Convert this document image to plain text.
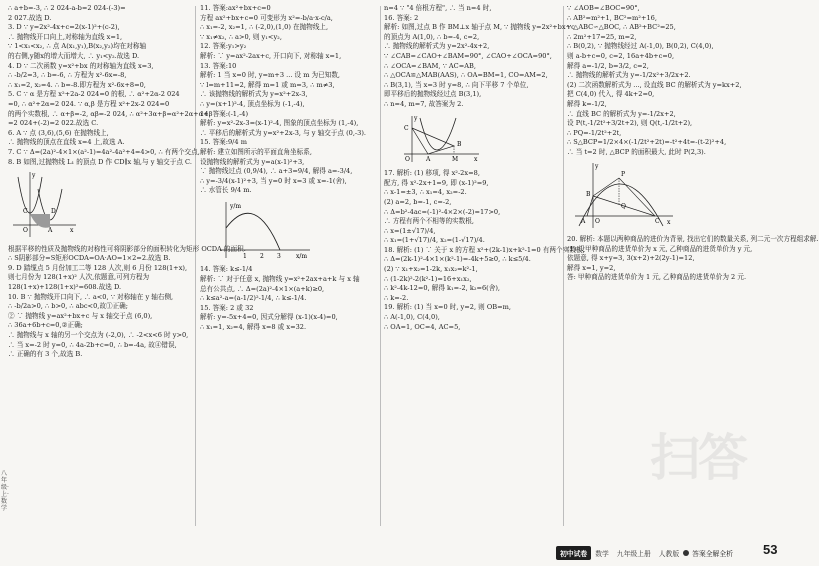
八年级·上·数学
∴ a+b=-3, ∴ 2 024-a-b=2 024-(-3)=
2 027.故选 D.
3. D ∵ y=2x²-4x+c=2(x-1)²+(c-2),
∴ 抛物线开口向上,对称轴为直线 x=1,
∵ 1<x₁<x₂, ∴ 点 A(x₁,y₁),B(x₂,y₂)均在对称轴
的右侧,y随x的增大而增大, ∴ y₁<y₂.故选 D.
4. D ∵ 二次函数 y=x²+bx 的对称轴为直线 x=3,
∴ -b/2=3, ∴ b=-6, ∴ 方程为 x²-6x=-8,
∴ x₁=2, x₂=4. ∴ b=-8.即方程为 x²-6x+8=0,
5. C ∵ α 是方程 x²+2a-2 024=0 的根, ∴ α²+2α-2 024
=0, ∴ α²+2α=2 024. ∵ α,β 是方程 x²+2x-2 024=0
的两个实数根, ∴ α+β=-2, αβ=-2 024, ∴ α²+3α+β=α²+2α+α+β
=2 024+(-2)=2 022.故选 C.
6. A ∵ 点 (3,6),(5,6) 在抛物线上,
∴ 抛物线的顶点在直线 x=4 上,故选 A.
7. C ∵ Δ=(2a)²-4×1×(a²-1)=4a²-4a²+4=4>0, ∴ 有两个交点,
8. B 如图,过抛物线 L₁ 的顶点 D 作 CD∥x 轴,与 y 轴交于点 C.
y
x
O	A
D
C
根据平移的性质及抛物线的对称性可将阴影部分的面积转化为矩形 OCDA 的面积.
∴ S阴影部分=S矩形OCDA=OA·AO=1×2=2.故选 B.
9. D 踏缆点 5 月份加工二等 128 人次,则 6 月份 128(1+x),
则七月份为 128(1+x)² 人次,依题意,可列方程为
128(1+x)+128(1+x)²=608.故选 D.
10. B ∵ 抛物线开口向下, ∴ a<0, ∵ 对称轴在 y 轴右侧,
∴ -b/2a>0, ∴ b>0, ∴ abc<0,故①正确;
② ∵ 抛物线 y=ax²+bx+c 与 x 轴交于点 (6,0),
∴ 36a+6b+c=0,②正确;
∴ 抛物线与 x 轴的另一个交点为 (-2,0), ∴ -2<x<6 时 y>0,
∴ 当 x=-2 时 y=0, ∴ 4a-2b+c=0, ∴ b=-4a, 故④错误,
∴ 正确的有 3 个,故选 B.
11. 答案:ax²+bx+c=0
方程 ax²+bx+c=0 可变形为 x²=-b/a·x-c/a,
∴ x₁=-2, x₂=1, ∴ (-2,0),(1,0) 在抛物线上,
∵ x₁≠x₂, ∴ a>0, 则 y₁<y₂,
12. 答案:y₁>y₂
解析: ∵ y=ax²-2ax+c, 开口向下, 对称轴 x=1,
13. 答案:10
解析: 1 当 x=0 时, y=m+3 ... 设 m 为已知数,
∵ l=m+11=2, 解得 m=1 或 m=3, ∴ m≠3,
∴ 该抛物线的解析式为 y=x²+2x-3,
∴ y=(x+1)²-4, 顶点坐标为 (-1,-4),
14. 答案:(-1,-4)
解析: y=x²-2x-3=(x-1)²-4, 图象的顶点坐标为 (1,-4),
∴ 平移后的解析式为 y=x²+2x-3, 与 y 轴交于点 (0,-3).
15. 答案:9/4 m
解析: 建立如图所示的平面直角坐标系,
设抛物线的解析式为 y=a(x-1)²+3,
∵ 抛物线过点 (0,9/4), ∴ a+3=9/4, 解得 a=-3/4,
∴ y=-3/4(x-1)²+3, 当 y=0 时 x=3 或 x=-1(舍),
∴ 水管长 9/4 m.
y/m
x/m
1 2 3
14. 答案: k≤-1/4
解析: ∵ 对于任意 x, 抛物线 y=x²+2ax+a+k 与 x 轴
总有公共点, ∴ Δ=(2a)²-4×1×(a+k)≥0,
∴ k≤a²-a=(a-1/2)²-1/4, ∴ k≤-1/4.
15. 答案: 2 或 32
解析: y=-5x+4=0, 因式分解得 (x-1)(x-4)=0,
∴ x₁=1, x₂=4, 解得 x=8 或 x=32.
n=4 ∵ "4 倍根方程", ∴ 当 n=4 时,
16. 答案: 2
解析: 如图,过点 B 作 BM⊥x 轴于点 M, ∵ 抛物线 y=2x²+bx+c
的顶点为 A(1,0), ∴ b=-4, c=2,
∴ 抛物线的解析式为 y=2x²-4x+2,
∵ ∠CAB=∠CAO+∠BAM=90°, ∠CAO+∠OCA=90°,
∴ ∠OCA=∠BAM, ∵ AC=AB,
∴ △OCA≌△MAB(AAS), ∴ OA=BM=1, CO=AM=2,
∴ B(3,1), 当 x=3 时 y=8, ∴ 向下平移 7 个单位,
即平移后的抛物线经过点 B(3,1),
∴ n=4, m=7, 故答案为 2.
C
B
O	A	M	x
y
17. 解析: (1) 移项, 得 x²-2x=8,
配方, 得 x²-2x+1=9, 即 (x-1)²=9,
∴ x-1=±3, ∴ x₁=4, x₂=-2.
(2) a=2, b=-1, c=-2,
∴ Δ=b²-4ac=(-1)²-4×2×(-2)=17>0,
∴ 方程有两个不相等的实数根,
∴ x=(1±√17)/4,
∴ x₁=(1+√17)/4, x₂=(1-√17)/4.
18. 解析: (1) ∵ 关于 x 的方程 x²+(2k-1)x+k²-1=0 有两个实数根,
∴ Δ=(2k-1)²-4×1×(k²-1)=-4k+5≥0, ∴ k≤5/4.
(2) ∵ x₁+x₂=1-2k, x₁x₂=k²-1,
∴ (1-2k)²-2(k²-1)=16+x₁x₂,
∴ k²-4k-12=0, 解得 k₁=-2, k₂=6(舍),
∴ k=-2.
19. 解析: (1) 当 x=0 时, y=2, 则 OB=m,
∴ A(-1,0), C(4,0),
∴ OA=1, OC=4, AC=5,
∵ ∠AOB=∠BOC=90°,
∴ AB²=m²+1, BC²=m²+16,
∵ △ABC∽△BOC, ∴ AB²+BC²=25,
∴ 2m²+17=25, m=2,
∴ B(0,2), ∵ 抛物线经过 A(-1,0), B(0,2), C(4,0),
则 a-b+c=0, c=2, 16a+4b+c=0,
解得 a=-1/2, b=3/2, c=2,
∴ 抛物线的解析式为 y=-1/2x²+3/2x+2.
(2) 二次函数解析式为 ..., 设直线 BC 的解析式为 y=kx+2,
把 C(4,0) 代入, 得 4k+2=0,
解得 k=-1/2,
∴ 直线 BC 的解析式为 y=-1/2x+2,
设 P(t,-1/2t²+3/2t+2), 则 Q(t,-1/2t+2),
∴ PQ=-1/2t²+2t,
∴ S△BCP=1/2×4×(-1/2t²+2t)=-t²+4t=-(t-2)²+4,
∴ 当 t=2 时, △BCP 的面积最大, 此时 P(2,3).
y
x
O
A
B
C
P
Q
20. 解析: 本题以两种商品的进价为背景, 找出它们的数量关系, 列二元一次方程组求解.
(1) 设甲种商品的进货单价为 x 元, 乙种商品的进货单价为 y 元,
依题意, 得 x+y=3, 3(x+2)+2(2y-1)=12,
解得 x=1, y=2,
答: 甲种商品的进货单价为 1 元, 乙种商品的进货单价为 2 元.
扫答
初中试卷	数学 九年级上册 人教版 答案全解全析 53
